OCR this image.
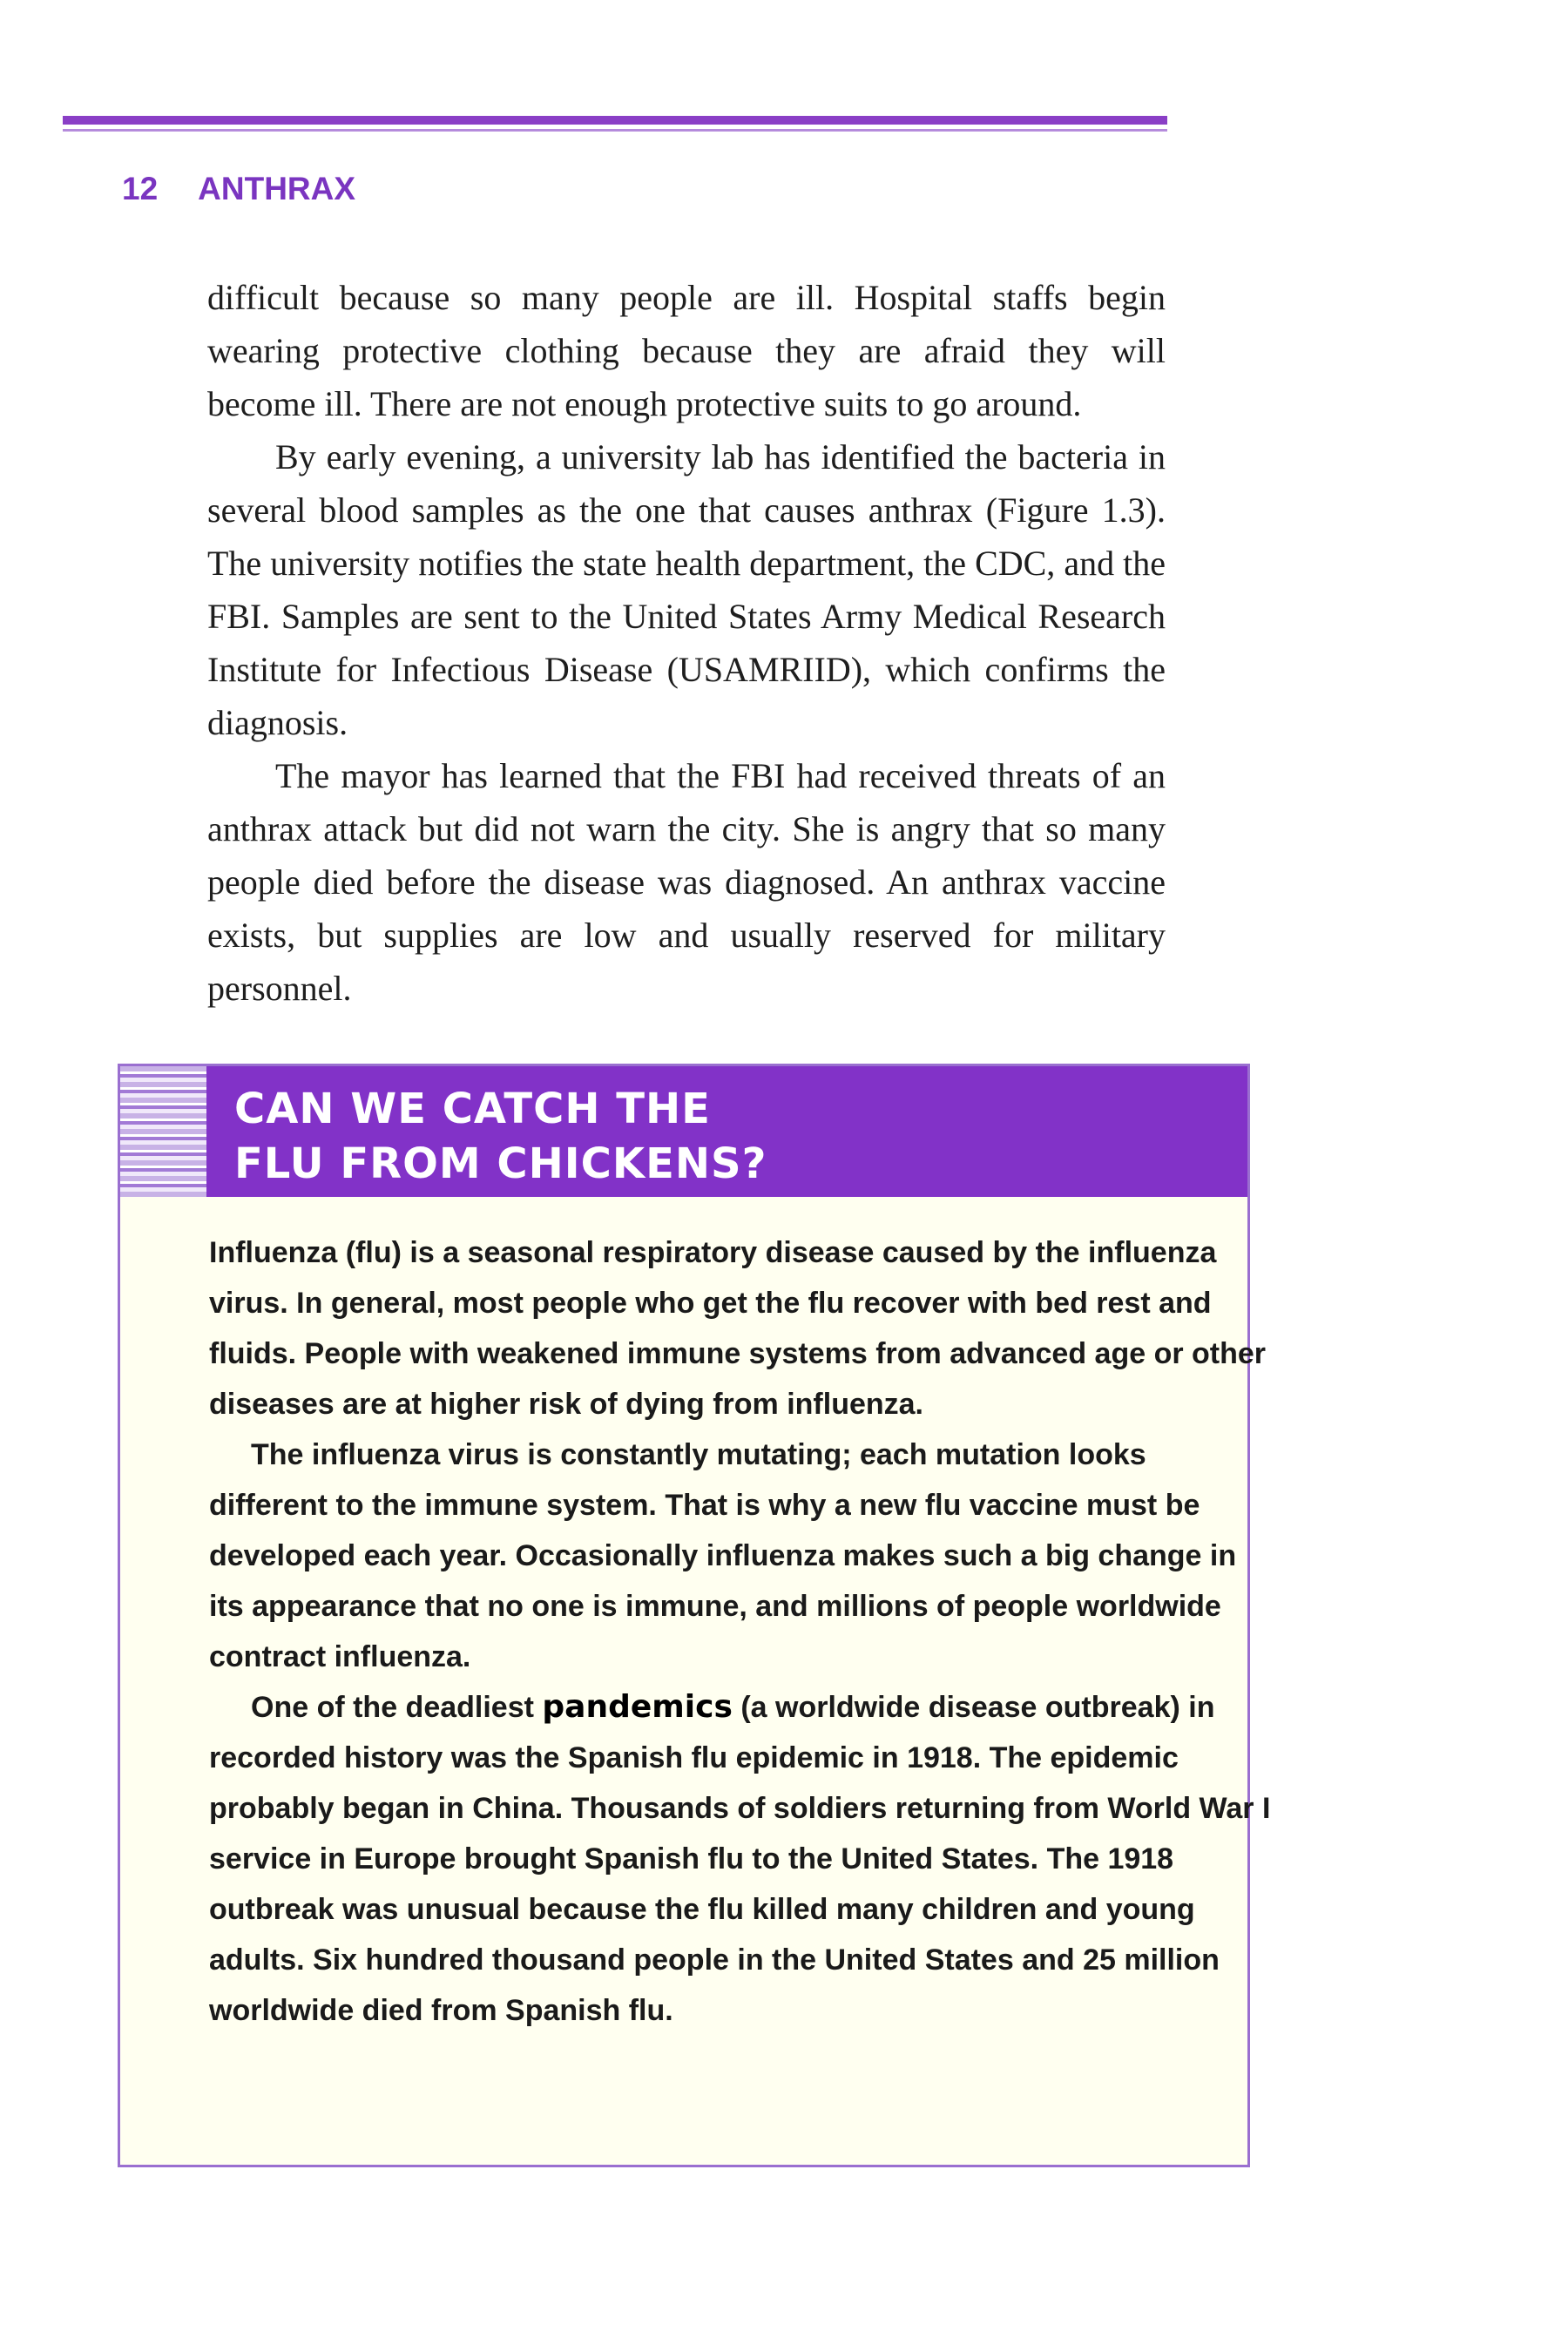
12 ANTHRAX

difficult because so many people are ill. Hospital staffs begin wearing protective clothing because they are afraid they will become ill. There are not enough protective suits to go around.

By early evening, a university lab has identified the bacteria in several blood samples as the one that causes anthrax (Figure 1.3). The university notifies the state health department, the CDC, and the FBI. Samples are sent to the United States Army Medical Research Institute for Infectious Disease (USAMRIID), which confirms the diagnosis.

The mayor has learned that the FBI had received threats of an anthrax attack but did not warn the city. She is angry that so many people died before the disease was diagnosed. An anthrax vaccine exists, but supplies are low and usually reserved for military personnel.

CAN WE CATCH THE
FLU FROM CHICKENS?

Influenza (flu) is a seasonal respiratory disease caused by the influenza virus. In general, most people who get the flu recover with bed rest and fluids. People with weakened immune systems from advanced age or other diseases are at higher risk of dying from influenza.

The influenza virus is constantly mutating; each mutation looks different to the immune system. That is why a new flu vaccine must be developed each year. Occasionally influenza makes such a big change in its appearance that no one is immune, and millions of people worldwide contract influenza.

One of the deadliest pandemics (a worldwide disease outbreak) in recorded history was the Spanish flu epidemic in 1918. The epidemic probably began in China. Thousands of soldiers returning from World War I service in Europe brought Spanish flu to the United States. The 1918 outbreak was unusual because the flu killed many children and young adults. Six hundred thousand people in the United States and 25 million worldwide died from Spanish flu.
